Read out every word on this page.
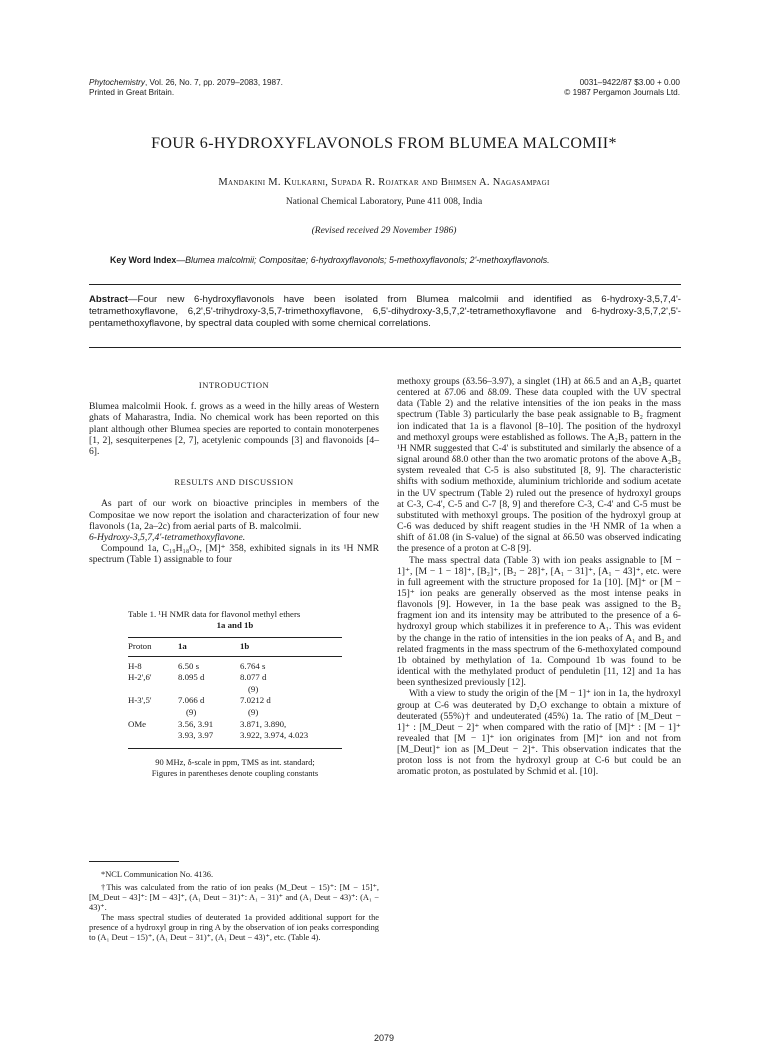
Phytochemistry, Vol. 26, No. 7, pp. 2079–2083, 1987.
Printed in Great Britain.
0031–9422/87 $3.00 + 0.00
© 1987 Pergamon Journals Ltd.
FOUR 6-HYDROXYFLAVONOLS FROM BLUMEA MALCOMII*
Mandakini M. Kulkarni, Supada R. Rojatkar and Bhimsen A. Nagasampagi
National Chemical Laboratory, Pune 411 008, India
(Revised received 29 November 1986)
Key Word Index—Blumea malcolmii; Compositae; 6-hydroxyflavonols; 5-methoxyflavonols; 2'-methoxyflavonols.
Abstract—Four new 6-hydroxyflavonols have been isolated from Blumea malcolmii and identified as 6-hydroxy-3,5,7,4'-tetramethoxyflavone, 6,2',5'-trihydroxy-3,5,7-trimethoxyflavone, 6,5'-dihydroxy-3,5,7,2'-tetramethoxyflavone and 6-hydroxy-3,5,7,2',5'-pentamethoxyflavone, by spectral data coupled with some chemical correlations.

INTRODUCTION

Blumea malcolmii Hook. f. grows as a weed in the hilly areas of Western ghats of Maharastra, India. No chemical work has been reported on this plant although other Blumea species are reported to contain monoterpenes [1, 2], sesquiterpenes [2, 7], acetylenic compounds [3] and flavonoids [4–6].

RESULTS AND DISCUSSION

As part of our work on bioactive principles in members of the Compositae we now report the isolation and characterization of four new flavonols (1a, 2a–2c) from aerial parts of B. malcolmii.

6-Hydroxy-3,5,7,4'-tetramethoxyflavone.

Compound 1a, C₁₉H₁₈O₇, [M]⁺ 358, exhibited signals in its ¹H NMR spectrum (Table 1) assignable to four

Table 1. ¹H NMR data for flavonol methyl ethers
1a and 1b
Proton	1a	1b
H-8	6.50 s	6.764 s
H-2',6'	8.095 d	8.077 d
		(9)
H-3',5'	7.066 d	7.0212 d
	(9)	(9)
OMe	3.56, 3.91	3.871, 3.890,
	3.93, 3.97	3.922, 3.974, 4.023
90 MHz, δ-scale in ppm, TMS as int. standard;
Figures in parentheses denote coupling constants
*NCL Communication No. 4136.
†This was calculated from the ratio of ion peaks (M_Deut − 15)⁺: [M − 15]⁺, [M_Deut − 43]⁺: [M − 43]⁺, (A₁ Deut − 31)⁺: A₁ − 31)⁺ and (A₁ Deut − 43)⁺: (A₁ − 43)⁺.
The mass spectral studies of deuterated 1a provided additional support for the presence of a hydroxyl group in ring A by the observation of ion peaks corresponding to (A₁ Deut − 15)⁺, (A₁ Deut − 31)⁺, (A₁ Deut − 43)⁺, etc. (Table 4).

methoxy groups (δ3.56–3.97), a singlet (1H) at δ6.5 and an A₂B₂ quartet centered at δ7.06 and δ8.09. These data coupled with the UV spectral data (Table 2) and the relative intensities of the ion peaks in the mass spectrum (Table 3) particularly the base peak assignable to B₂ fragment ion indicated that 1a is a flavonol [8–10]. The position of the hydroxyl and methoxyl groups were established as follows. The A₂B₂ pattern in the ¹H NMR suggested that C-4' is substituted and similarly the absence of a signal around δ8.0 other than the two aromatic protons of the above A₂B₂ system revealed that C-5 is also substituted [8, 9]. The characteristic shifts with sodium methoxide, aluminium trichloride and sodium acetate in the UV spectrum (Table 2) ruled out the presence of hydroxyl groups at C-3, C-4', C-5 and C-7 [8, 9] and therefore C-3, C-4' and C-5 must be substituted with methoxyl groups. The position of the hydroxyl group at C-6 was deduced by shift reagent studies in the ¹H NMR of 1a when a shift of δ1.08 (in S-value) of the signal at δ6.50 was observed indicating the presence of a proton at C-8 [9].

The mass spectral data (Table 3) with ion peaks assignable to [M − 1]⁺, [M − 1 − 18]⁺, [B₂]⁺, [B₂ − 28]⁺, [A₁ − 31]⁺, [A₁ − 43]⁺, etc. were in full agreement with the structure proposed for 1a [10]. [M]⁺ or [M − 15]⁺ ion peaks are generally observed as the most intense peaks in flavonols [9]. However, in 1a the base peak was assigned to the B₂ fragment ion and its intensity may be attributed to the presence of a 6-hydroxyl group which stabilizes it in preference to A₁. This was evident by the change in the ratio of intensities in the ion peaks of A₁ and B₂ and related fragments in the mass spectrum of the 6-methoxylated compound 1b obtained by methylation of 1a. Compound 1b was found to be identical with the methylated product of penduletin [11, 12] and 1a has been synthesized previously [12].

With a view to study the origin of the [M − 1]⁺ ion in 1a, the hydroxyl group at C-6 was deuterated by D₂O exchange to obtain a mixture of deuterated (55%)† and undeuterated (45%) 1a. The ratio of [M_Deut − 1]⁺ : [M_Deut − 2]⁺ when compared with the ratio of [M]⁺ : [M − 1]⁺ revealed that [M − 1]⁺ ion originates from [M]⁺ ion and not from [M_Deut]⁺ ion as [M_Deut − 2]⁺. This observation indicates that the proton loss is not from the hydroxyl group at C-6 but could be an aromatic proton, as postulated by Schmid et al. [10].

2079
